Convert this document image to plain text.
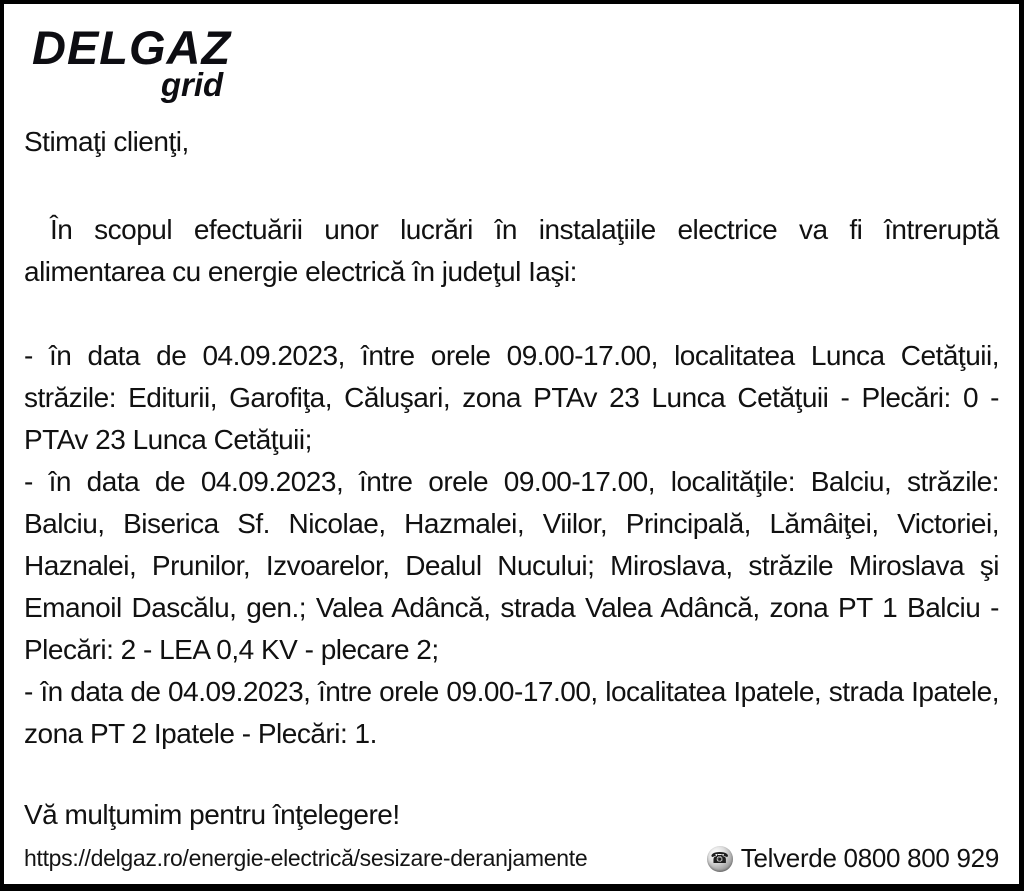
DELGAZ
grid

Stimaţi clienţi,

În scopul efectuării unor lucrări în instalaţiile electrice va fi întreruptă alimentarea cu energie electrică în judeţul Iaşi:

- în data de 04.09.2023, între orele 09.00-17.00, localitatea Lunca Cetăţuii, străzile: Editurii, Garofiţa, Căluşari, zona PTAv 23 Lunca Cetăţuii - Plecări: 0 - PTAv 23 Lunca Cetăţuii;

- în data de 04.09.2023, între orele 09.00-17.00, localităţile: Balciu, străzile: Balciu, Biserica Sf. Nicolae, Hazmalei, Viilor, Principală, Lămâiţei, Victoriei, Haznalei, Prunilor, Izvoarelor, Dealul Nucului; Miroslava, străzile Miroslava şi Emanoil Dascălu, gen.; Valea Adâncă, strada Valea Adâncă, zona PT 1 Balciu - Plecări: 2 - LEA 0,4 KV - plecare 2;

- în data de 04.09.2023, între orele 09.00-17.00, localitatea Ipatele, strada Ipatele, zona PT 2 Ipatele - Plecări: 1.

Vă mulţumim pentru înţelegere!

https://delgaz.ro/energie-electrică/sesizare-deranjamente	☎ Telverde 0800 800 929
